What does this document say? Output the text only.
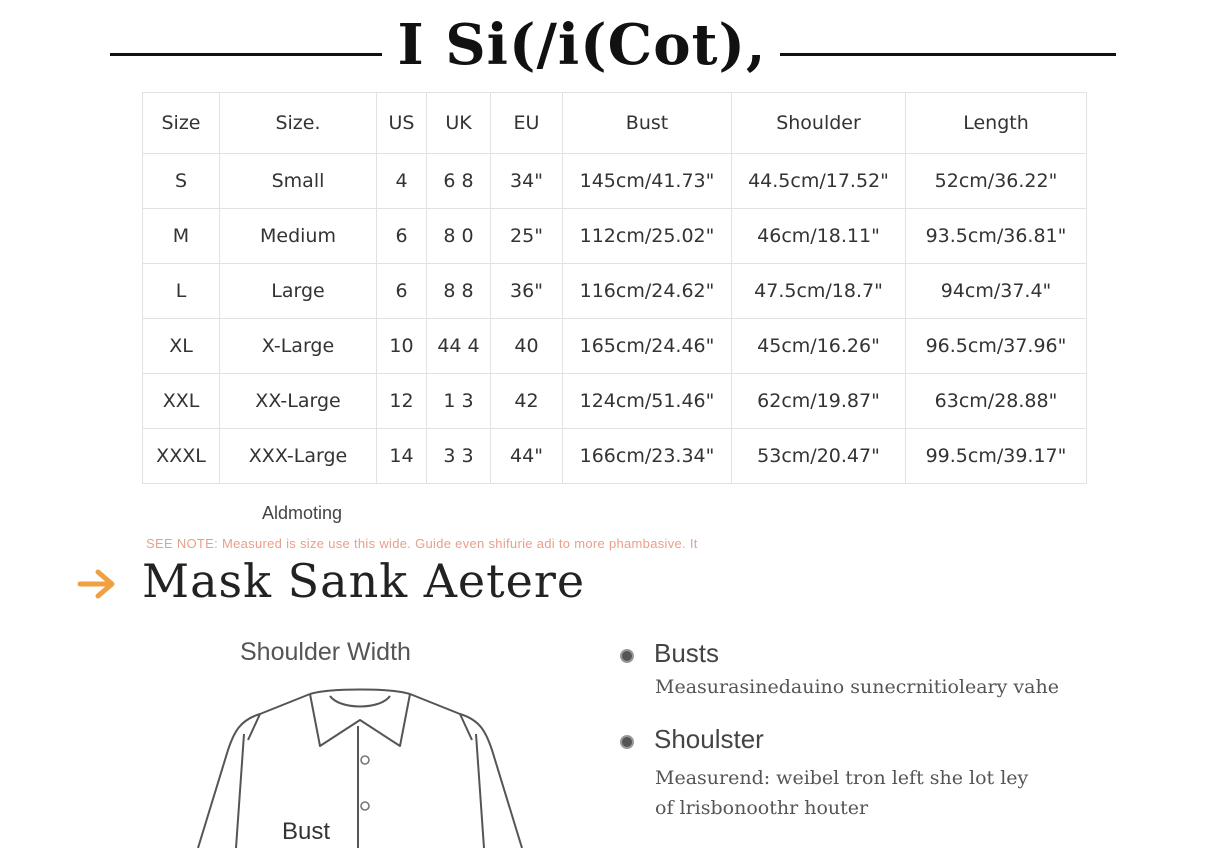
I Si(/i(Cot),
Size	Size.	US	UK	EU	Bust	Shoulder	Length
S	Small	4	6 8	34"	145cm/41.73"	44.5cm/17.52"	52cm/36.22"
M	Medium	6	8 0	25"	112cm/25.02"	46cm/18.11"	93.5cm/36.81"
L	Large	6	8 8	36"	116cm/24.62"	47.5cm/18.7"	94cm/37.4"
XL	X-Large	10	44 4	40	165cm/24.46"	45cm/16.26"	96.5cm/37.96"
XXL	XX-Large	12	1 3	42	124cm/51.46"	62cm/19.87"	63cm/28.88"
XXXL	XXX-Large	14	3 3	44"	166cm/23.34"	53cm/20.47"	99.5cm/39.17"
Aldmoting
SEE NOTE: Measured is size use this wide. Guide even shifurie adi to more phambasive. It
Mask Sank Aetere
Shoulder Width
Bust
Busts
Measurasinedauino sunecrnitioleary vahe
Shoulster
Measurend: weibel tron left she lot ley
of lrisbonoothr houter
